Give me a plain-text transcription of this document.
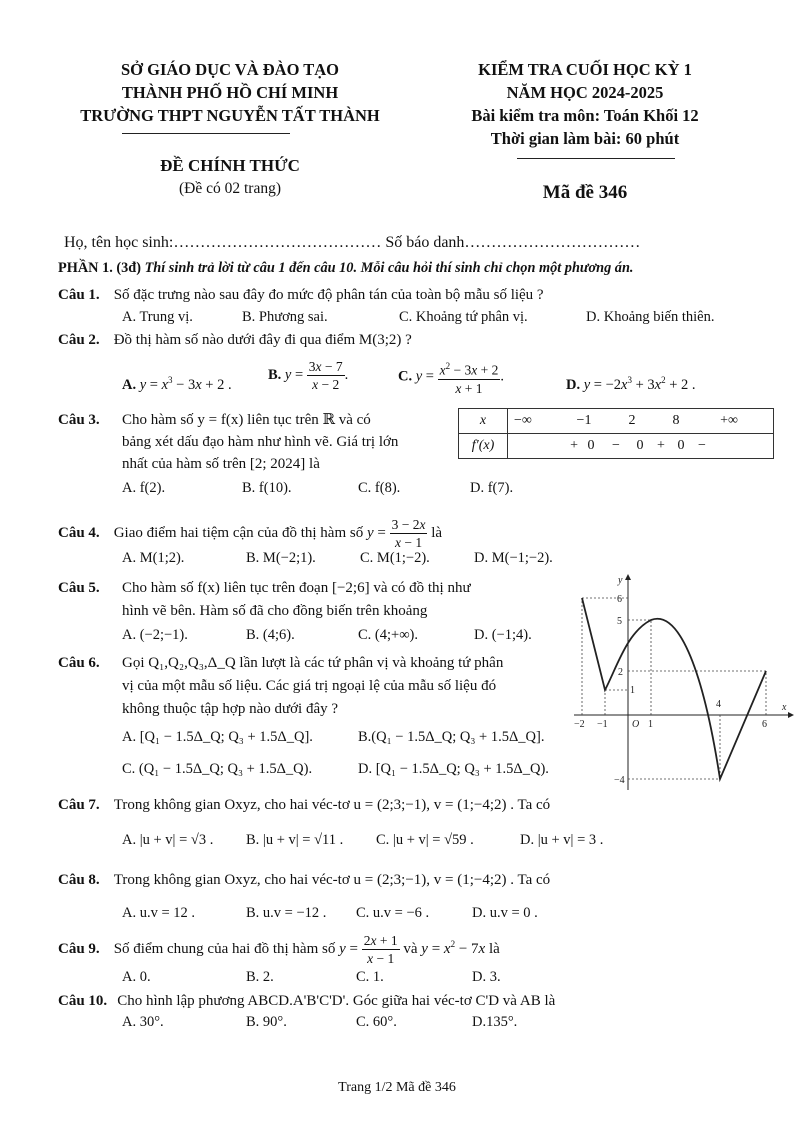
SỞ GIÁO DỤC VÀ ĐÀO TẠO
THÀNH PHỐ HỒ CHÍ MINH
TRƯỜNG THPT NGUYỄN TẤT THÀNH
ĐỀ CHÍNH THỨC
(Đề có 02 trang)
KIỂM TRA CUỐI HỌC KỲ 1
NĂM HỌC 2024-2025
Bài kiểm tra môn: Toán Khối 12
Thời gian làm bài: 60 phút
Mã đề 346
Họ, tên học sinh:………………………………… Số báo danh……………………………
PHẦN 1. (3đ) Thí sinh trả lời từ câu 1 đến câu 10. Mỗi câu hỏi thí sinh chỉ chọn một phương án.
Câu 1. Số đặc trưng nào sau đây đo mức độ phân tán của toàn bộ mẫu số liệu ?
A. Trung vị.	B. Phương sai.	C. Khoảng tứ phân vị.	D. Khoảng biến thiên.
Câu 2. Đồ thị hàm số nào dưới đây đi qua điểm M(3;2) ?
A. $y = x^3 - 3x + 2$ .
B. $y = \frac{3x - 7}{x - 2}$ .	C. $y = \frac{x^2 - 3x + 2}{x + 1}$ .
D. $y = -2x^3 + 3x^2 + 2$ .
Câu 3. Cho hàm số y = f(x) liên tục trên ℝ và có
bảng xét dấu đạo hàm như hình vẽ. Giá trị lớn
nhất của hàm số trên [2; 2024] là
x	−∞ −1 2 8 +∞
f′(x)	+ 0 − 0 + 0 −
A. f(2).	B. f(10).	C. f(8).	D. f(7).
Câu 4. Giao điểm hai tiệm cận của đồ thị hàm số $y = \frac{3 - 2x}{x - 1}$ là
A. M(1;2).	B. M(−2;1).	C. M(1;−2).	D. M(−1;−2).
Câu 5. Cho hàm số f(x) liên tục trên đoạn [−2;6] và có đồ thị như
hình vẽ bên. Hàm số đã cho đồng biến trên khoảng
A. (−2;−1).	B. (4;6).	C. (4;+∞).	D. (−1;4).
−2 −1 O 1
4
6
x
6
5
2
1
−4
y
Câu 6. Gọi Q₁,Q₂,Q₃,Δ_Q lần lượt là các tứ phân vị và khoảng tứ phân
vị của một mẫu số liệu. Các giá trị ngoại lệ của mẫu số liệu đó
không thuộc tập hợp nào dưới đây ?
A. [Q₁ − 1.5Δ_Q; Q₃ + 1.5Δ_Q].	B.(Q₁ − 1.5Δ_Q; Q₃ + 1.5Δ_Q].
C. (Q₁ − 1.5Δ_Q; Q₃ + 1.5Δ_Q).	D. [Q₁ − 1.5Δ_Q; Q₃ + 1.5Δ_Q).
Câu 7. Trong không gian Oxyz, cho hai véc-tơ u = (2;3;−1), v = (1;−4;2) . Ta có
A. |u + v| = √3 . B. |u + v| = √11 . C. |u + v| = √59 .	D. |u + v| = 3 .
Câu 8. Trong không gian Oxyz, cho hai véc-tơ u = (2;3;−1), v = (1;−4;2) . Ta có
A. u.v = 12 .	B. u.v = −12 . C. u.v = −6 .	D. u.v = 0 .
Câu 9. Số điểm chung của hai đồ thị hàm số $y = \frac{2x + 1}{x - 1}$ và $y = x^2 - 7x$ là
A. 0.	B. 2.	C. 1.	D. 3.
Câu 10. Cho hình lập phương ABCD.A'B'C'D'. Góc giữa hai véc-tơ C'D và AB là
A. 30°.	B. 90°.	C. 60°.	D.135°.
Trang 1/2 Mã đề 346
